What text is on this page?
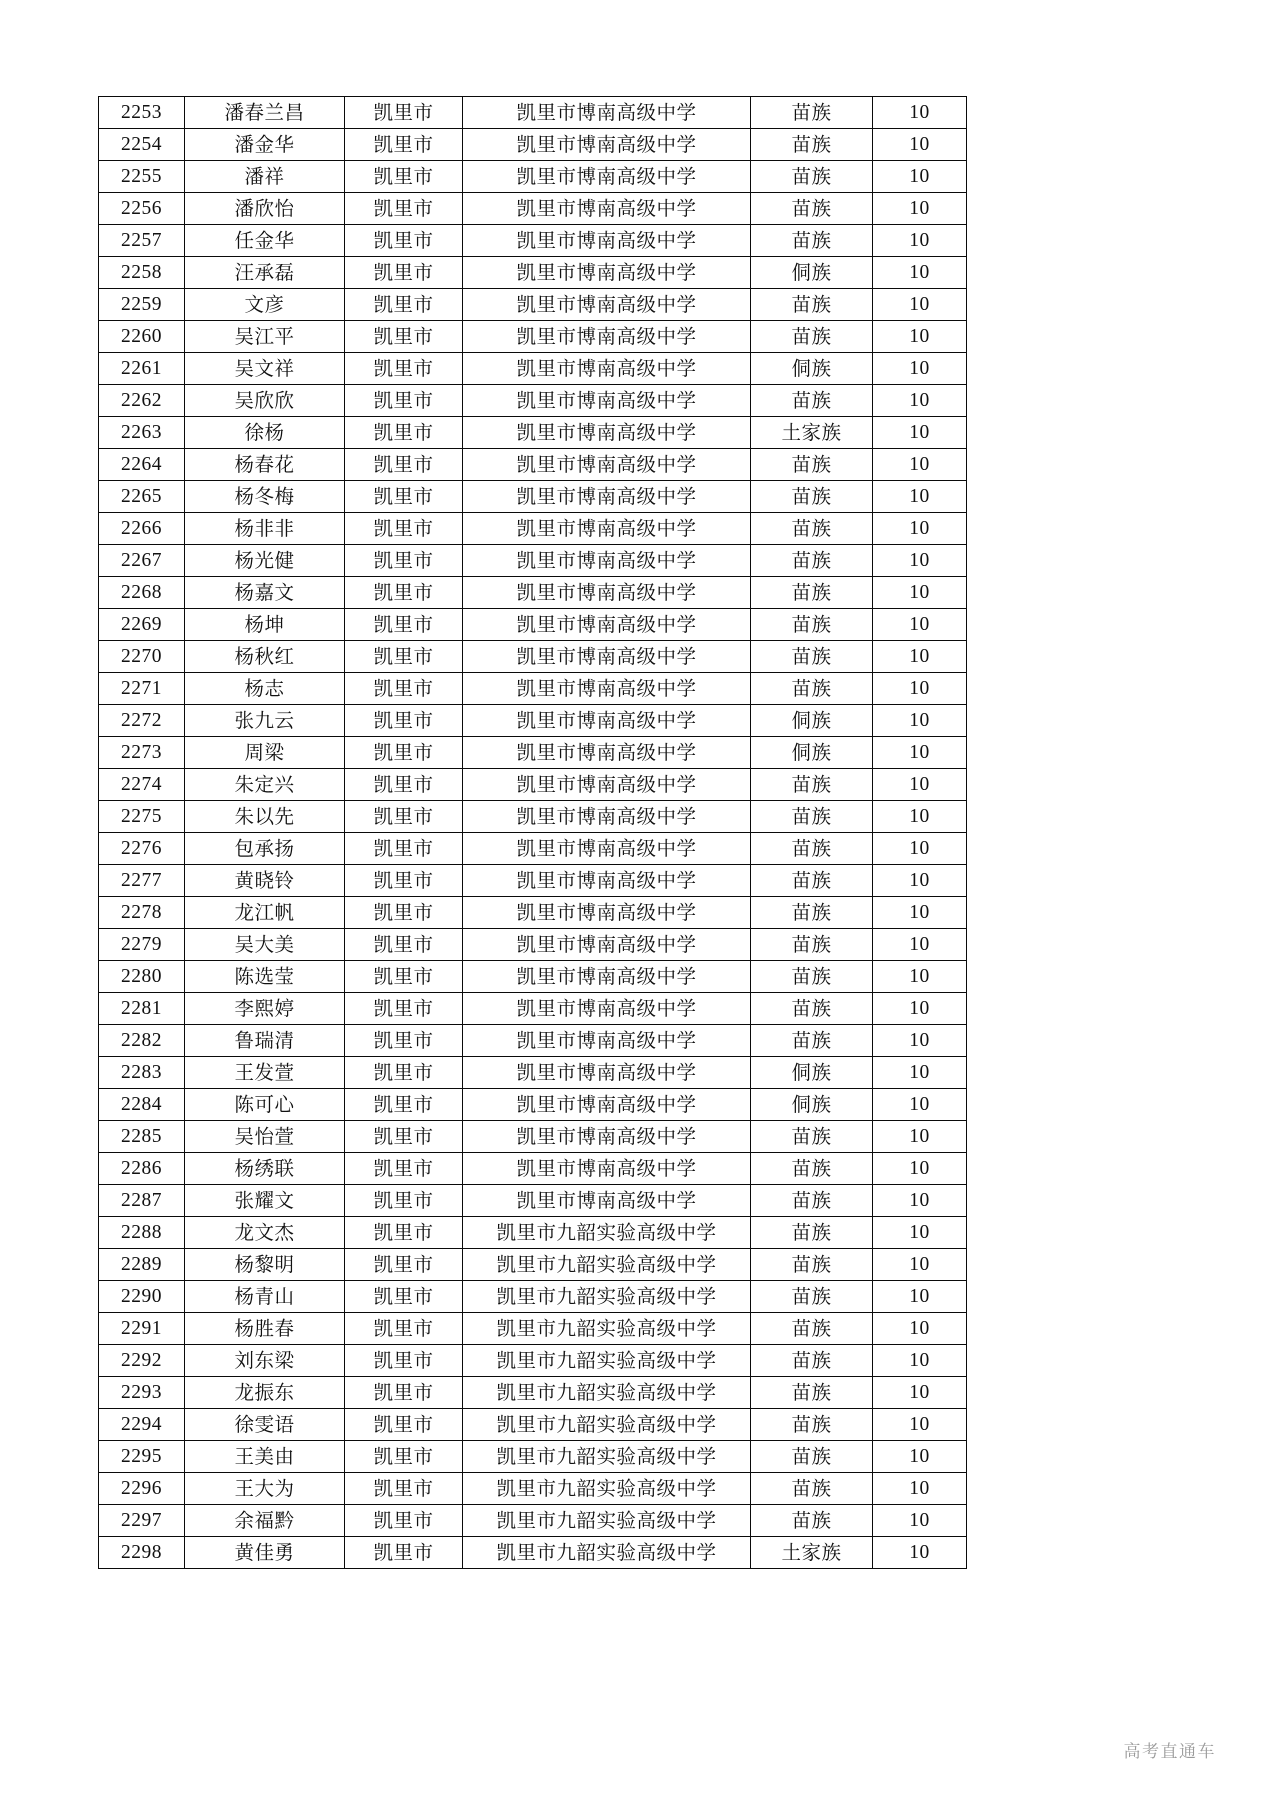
2253	潘春兰昌	凯里市	凯里市博南高级中学	苗族	10
2254	潘金华	凯里市	凯里市博南高级中学	苗族	10
2255	潘祥	凯里市	凯里市博南高级中学	苗族	10
2256	潘欣怡	凯里市	凯里市博南高级中学	苗族	10
2257	任金华	凯里市	凯里市博南高级中学	苗族	10
2258	汪承磊	凯里市	凯里市博南高级中学	侗族	10
2259	文彦	凯里市	凯里市博南高级中学	苗族	10
2260	吴江平	凯里市	凯里市博南高级中学	苗族	10
2261	吴文祥	凯里市	凯里市博南高级中学	侗族	10
2262	吴欣欣	凯里市	凯里市博南高级中学	苗族	10
2263	徐杨	凯里市	凯里市博南高级中学	土家族	10
2264	杨春花	凯里市	凯里市博南高级中学	苗族	10
2265	杨冬梅	凯里市	凯里市博南高级中学	苗族	10
2266	杨非非	凯里市	凯里市博南高级中学	苗族	10
2267	杨光健	凯里市	凯里市博南高级中学	苗族	10
2268	杨嘉文	凯里市	凯里市博南高级中学	苗族	10
2269	杨坤	凯里市	凯里市博南高级中学	苗族	10
2270	杨秋红	凯里市	凯里市博南高级中学	苗族	10
2271	杨志	凯里市	凯里市博南高级中学	苗族	10
2272	张九云	凯里市	凯里市博南高级中学	侗族	10
2273	周梁	凯里市	凯里市博南高级中学	侗族	10
2274	朱定兴	凯里市	凯里市博南高级中学	苗族	10
2275	朱以先	凯里市	凯里市博南高级中学	苗族	10
2276	包承扬	凯里市	凯里市博南高级中学	苗族	10
2277	黄晓铃	凯里市	凯里市博南高级中学	苗族	10
2278	龙江帆	凯里市	凯里市博南高级中学	苗族	10
2279	吴大美	凯里市	凯里市博南高级中学	苗族	10
2280	陈选莹	凯里市	凯里市博南高级中学	苗族	10
2281	李熙婷	凯里市	凯里市博南高级中学	苗族	10
2282	鲁瑞清	凯里市	凯里市博南高级中学	苗族	10
2283	王发萱	凯里市	凯里市博南高级中学	侗族	10
2284	陈可心	凯里市	凯里市博南高级中学	侗族	10
2285	吴怡萱	凯里市	凯里市博南高级中学	苗族	10
2286	杨绣联	凯里市	凯里市博南高级中学	苗族	10
2287	张耀文	凯里市	凯里市博南高级中学	苗族	10
2288	龙文杰	凯里市	凯里市九韶实验高级中学	苗族	10
2289	杨黎明	凯里市	凯里市九韶实验高级中学	苗族	10
2290	杨青山	凯里市	凯里市九韶实验高级中学	苗族	10
2291	杨胜春	凯里市	凯里市九韶实验高级中学	苗族	10
2292	刘东梁	凯里市	凯里市九韶实验高级中学	苗族	10
2293	龙振东	凯里市	凯里市九韶实验高级中学	苗族	10
2294	徐雯语	凯里市	凯里市九韶实验高级中学	苗族	10
2295	王美由	凯里市	凯里市九韶实验高级中学	苗族	10
2296	王大为	凯里市	凯里市九韶实验高级中学	苗族	10
2297	余福黔	凯里市	凯里市九韶实验高级中学	苗族	10
2298	黄佳勇	凯里市	凯里市九韶实验高级中学	土家族	10
高考直通车
